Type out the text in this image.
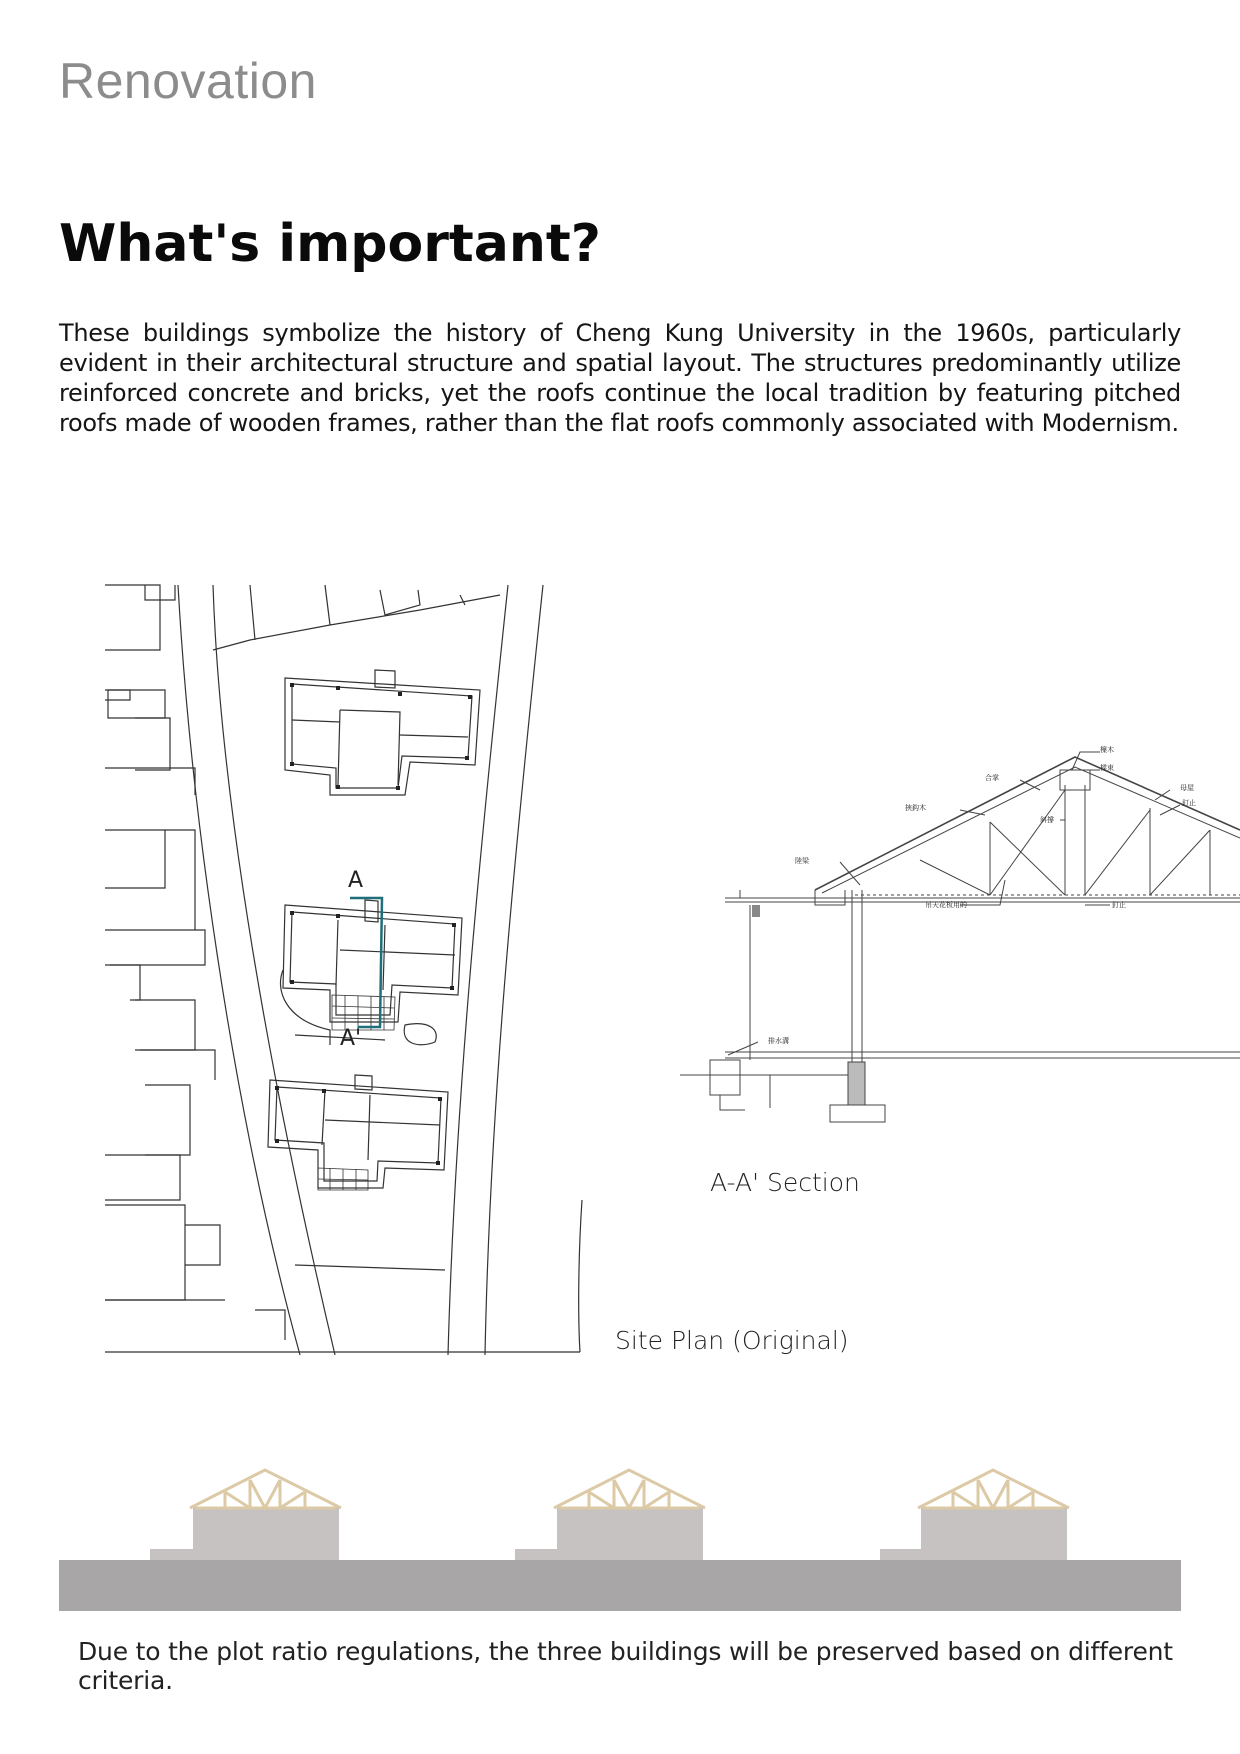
Renovation
What's important?

These buildings symbolize the history of Cheng Kung University in the 1960s, particularly evident in their architectural structure and spatial layout. The structures predominantly utilize reinforced concrete and bricks, yet the roofs continue the local tradition by featuring pitched roofs made of wooden frames, rather than the flat roofs commonly associated with Modernism.

A
A'
檁木
樑束
合掌
母屋
釘止
挾鈎木
斜撐
陸梁
吊天花板用的	釘止
排水溝
A-A' Section
Site Plan (Original)
Due to the plot ratio regulations, the three buildings will be preserved based on different criteria.
